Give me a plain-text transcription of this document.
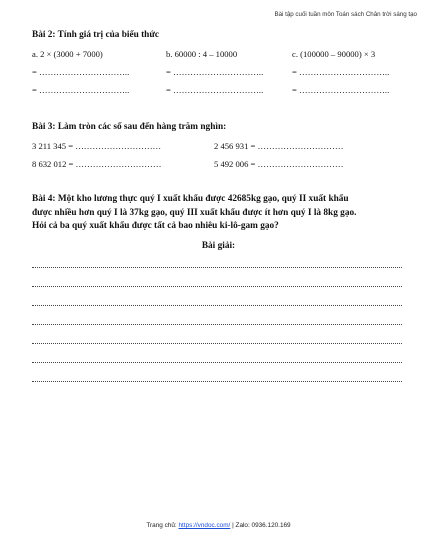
Bài tập cuối tuần môn Toán sách Chân trời sáng tạo
Bài 2: Tính giá trị của biểu thức
a. 2 × (3000 + 7000)	b. 60000 : 4 – 10000	c. (100000 – 90000) × 3
= …………………………..	= …………………………..	= …………………………..
= …………………………..	= …………………………..	= …………………………..
Bài 3: Làm tròn các số sau đến hàng trăm nghìn:
3 211 345 = …………………………	2 456 931 = …………………………
8 632 012 = …………………………	5 492 006 = …………………………
Bài 4: Một kho lương thực quý I xuất khẩu được 42685kg gạo, quý II xuất khẩu
được nhiều hơn quý I là 37kg gạo, quý III xuất khẩu được ít hơn quý I là 8kg gạo.
Hỏi cả ba quý xuất khẩu được tất cả bao nhiêu ki-lô-gam gạo?
Bài giải:
Trang chủ: https://vndoc.com/ | Zalo: 0936.120.169
